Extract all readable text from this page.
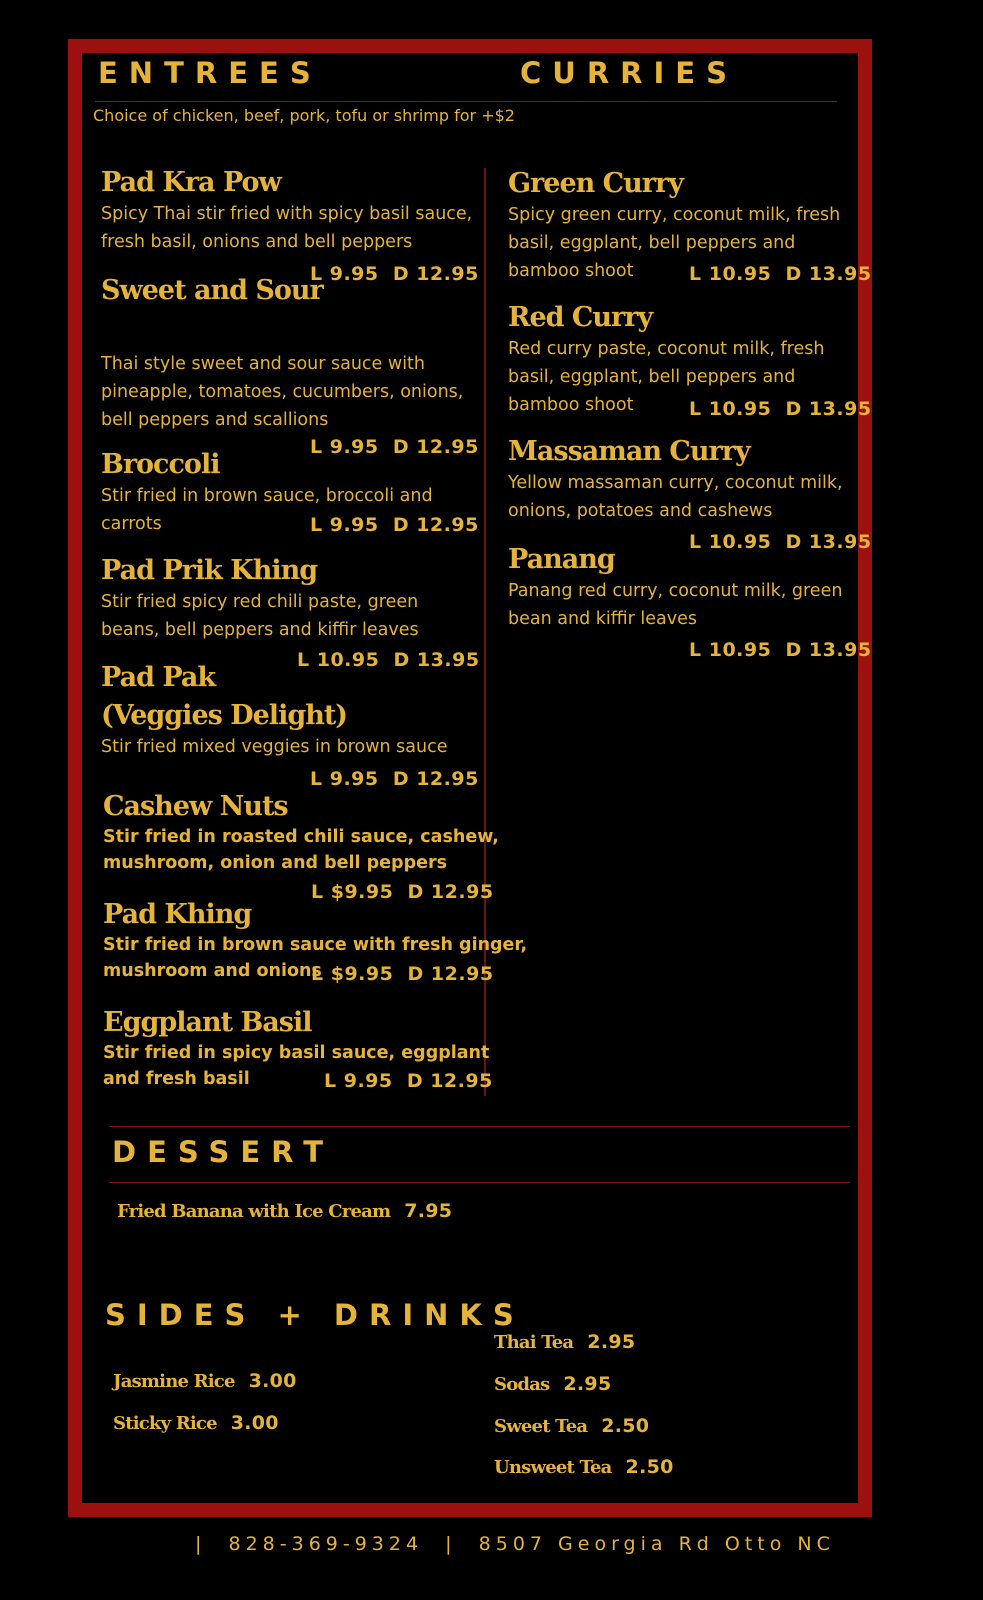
ENTREES	CURRIES
Choice of chicken, beef, pork, tofu or shrimp for +$2
Pad Kra Pow
Spicy Thai stir fried with spicy basil sauce,
fresh basil, onions and bell peppers
L 9.95  D 12.95
Sweet and Sour
Thai style sweet and sour sauce with
pineapple, tomatoes, cucumbers, onions,
bell peppers and scallions
L 9.95  D 12.95
Broccoli
Stir fried in brown sauce, broccoli and
carrots	L 9.95  D 12.95
Pad Prik Khing
Stir fried spicy red chili paste, green
beans, bell peppers and kiffir leaves
L 10.95  D 13.95
Pad Pak
(Veggies Delight)
Stir fried mixed veggies in brown sauce
L 9.95  D 12.95
Cashew Nuts
Stir fried in roasted chili sauce, cashew,
mushroom, onion and bell peppers
L $9.95  D 12.95
Pad Khing
Stir fried in brown sauce with fresh ginger,
mushroom and onions
L $9.95  D 12.95
Eggplant Basil
Stir fried in spicy basil sauce, eggplant
and fresh basil	L 9.95  D 12.95
Green Curry
Spicy green curry, coconut milk, fresh
basil, eggplant, bell peppers and
bamboo shoot	L 10.95  D 13.95
Red Curry
Red curry paste, coconut milk, fresh
basil, eggplant, bell peppers and
bamboo shoot	L 10.95  D 13.95
Massaman Curry
Yellow massaman curry, coconut milk,
onions, potatoes and cashews
L 10.95  D 13.95
Panang
Panang red curry, coconut milk, green
bean and kiffir leaves
L 10.95  D 13.95
DESSERT
Fried Banana with Ice Cream 7.95
SIDES + DRINKS
Jasmine Rice 3.00
Sticky Rice 3.00
Thai Tea 2.95
Sodas 2.95
Sweet Tea 2.50
Unsweet Tea 2.50
|  828-369-9324  |  8507 Georgia Rd Otto NC
